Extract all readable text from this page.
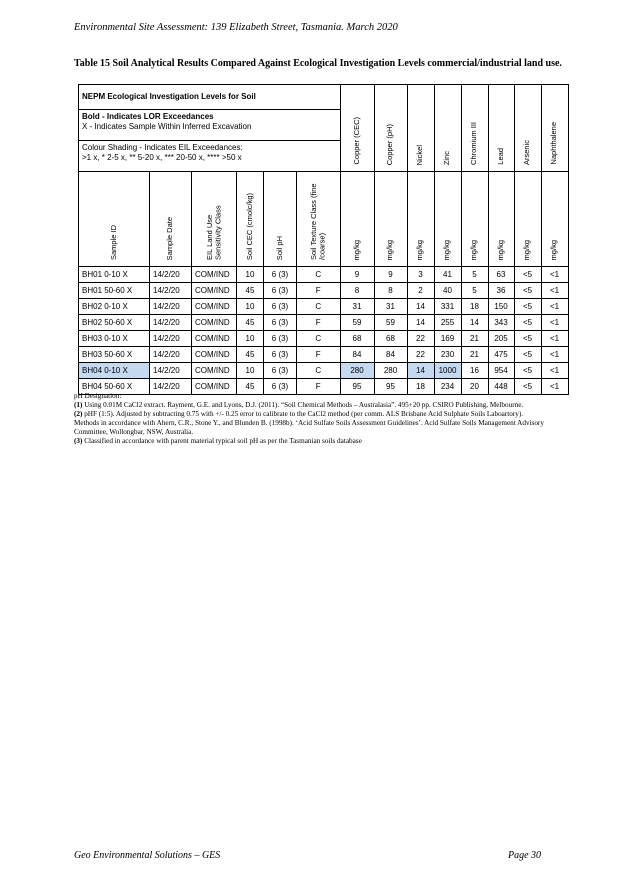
Environmental Site Assessment: 139 Elizabeth Street, Tasmania. March 2020
Table 15 Soil Analytical Results Compared Against Ecological Investigation Levels commercial/industrial land use.
NEPM Ecological Investigation Levels for Soil						Copper (CEC)	Copper (pH)	Nickel	Zinc	Chromium III	Lead	Arsenic	Naphthalene
Bold - Indicates LOR Exceedances
X - Indicates Sample Within Inferred Excavation													
Colour Shading - Indicates EIL Exceedances:
>1 x, * 2-5 x, ** 5-20 x, *** 20-50 x, **** >50 x													
Sample ID	Sample Date	EIL Land Use Sensitivity Class	Soil CEC (cmolc/kg)	Soil pH	Soil Texture Class (fine /coarse)								
						mg/kg	mg/kg	mg/kg	mg/kg	mg/kg	mg/kg	mg/kg	mg/kg
BH01 0-10 X	14/2/20	COM/IND	10	6 (3)	C	9	9	3	41	5	63	<5	<1
BH01 50-60 X	14/2/20	COM/IND	45	6 (3)	F	8	8	2	40	5	36	<5	<1
BH02 0-10 X	14/2/20	COM/IND	10	6 (3)	C	31	31	14	331	18	150	<5	<1
BH02 50-60 X	14/2/20	COM/IND	45	6 (3)	F	59	59	14	255	14	343	<5	<1
BH03 0-10 X	14/2/20	COM/IND	10	6 (3)	C	68	68	22	169	21	205	<5	<1
BH03 50-60 X	14/2/20	COM/IND	45	6 (3)	F	84	84	22	230	21	475	<5	<1
BH04 0-10 X	14/2/20	COM/IND	10	6 (3)	C	280	280	14	1000	16	954	<5	<1
BH04 50-60 X	14/2/20	COM/IND	45	6 (3)	F	95	95	18	234	20	448	<5	<1

pH Designation:

(1) Using 0.01M CaCl2 extract. Rayment, G.E. and Lyons, D.J. (2011). “Soil Chemical Methods – Australasia”. 495+20 pp. CSIRO Publishing, Melbourne.

(2) pHF (1:5). Adjusted by subtracting 0.75 with +/- 0.25 error to calibrate to the CaCl2 method (per comm. ALS Brisbane Acid Sulphate Soils Laboartory). Methods in accordance with Ahern, C.R., Stone Y., and Blunden B. (1998b). ‘Acid Sulfate Soils Assessment Guidelines’. Acid Sulfate Soils Management Advisory Committee, Wollongbar, NSW, Australia.

(3) Classified in accordance with parent material typical soil pH as per the Tasmanian soils database

Geo Environmental Solutions – GES	Page 30
